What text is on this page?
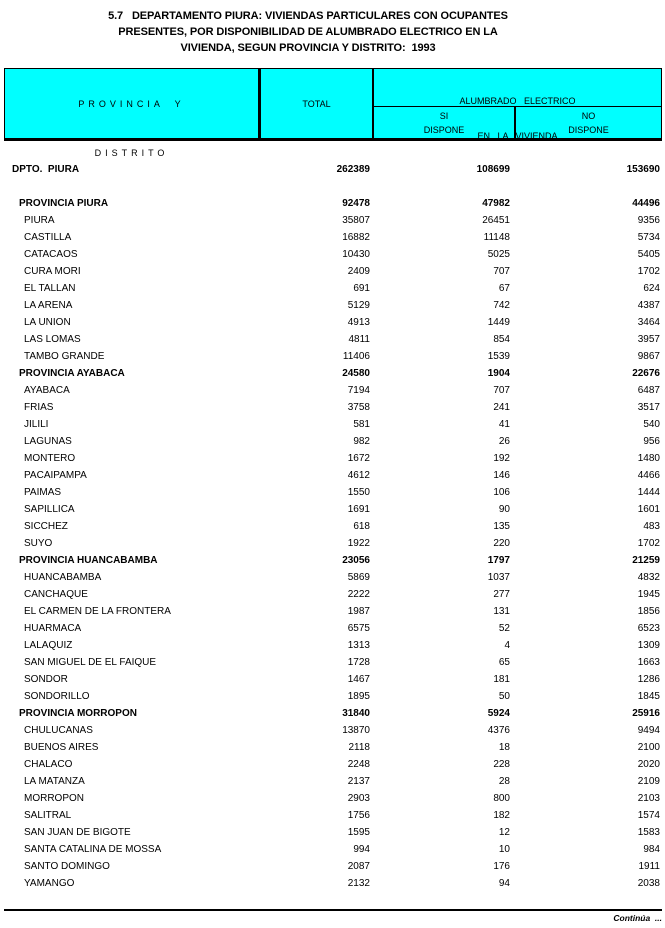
5.7   DEPARTAMENTO PIURA: VIVIENDAS PARTICULARES CON OCUPANTES
PRESENTES, POR DISPONIBILIDAD DE ALUMBRADO ELECTRICO EN LA
VIVIENDA, SEGUN PROVINCIA Y DISTRITO:  1993

PROVINCIA Y

DISTRITO

TOTAL

	ALUMBRADO ELECTRICO

EN LA VIVIENDA

SI
DISPONE
NO
DISPONE
DPTO.  PIURA	262389	108699	153690
PROVINCIA PIURA	92478	47982	44496
PIURA	35807	26451	9356
CASTILLA	16882	11148	5734
CATACAOS	10430	5025	5405
CURA MORI	2409	707	1702
EL TALLAN	691	67	624
LA ARENA	5129	742	4387
LA UNION	4913	1449	3464
LAS LOMAS	4811	854	3957
TAMBO GRANDE	11406	1539	9867
PROVINCIA AYABACA	24580	1904	22676
AYABACA	7194	707	6487
FRIAS	3758	241	3517
JILILI	581	41	540
LAGUNAS	982	26	956
MONTERO	1672	192	1480
PACAIPAMPA	4612	146	4466
PAIMAS	1550	106	1444
SAPILLICA	1691	90	1601
SICCHEZ	618	135	483
SUYO	1922	220	1702
PROVINCIA HUANCABAMBA	23056	1797	21259
HUANCABAMBA	5869	1037	4832
CANCHAQUE	2222	277	1945
EL CARMEN DE LA FRONTERA	1987	131	1856
HUARMACA	6575	52	6523
LALAQUIZ	1313	4	1309
SAN MIGUEL DE EL FAIQUE	1728	65	1663
SONDOR	1467	181	1286
SONDORILLO	1895	50	1845
PROVINCIA MORROPON	31840	5924	25916
CHULUCANAS	13870	4376	9494
BUENOS AIRES	2118	18	2100
CHALACO	2248	228	2020
LA MATANZA	2137	28	2109
MORROPON	2903	800	2103
SALITRAL	1756	182	1574
SAN JUAN DE BIGOTE	1595	12	1583
SANTA CATALINA DE MOSSA	994	10	984
SANTO DOMINGO	2087	176	1911
YAMANGO	2132	94	2038
Continúa  ...
